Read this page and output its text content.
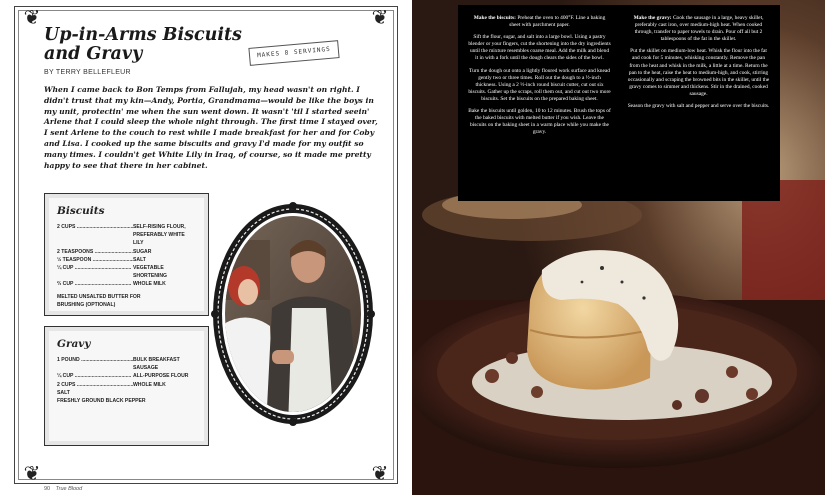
❦	❦
❦	❦
Up-in-Arms Biscuits
and Gravy	MAKES 8 SERVINGS
BY TERRY BELLEFLEUR

When I came back to Bon Temps from Fallujah, my head wasn't on right. I didn't trust that my kin—Andy, Portia, Grandmama—would be like the boys in my unit, protectin' me when the sun went down. It wasn't 'til I started seein' Arlene that I could sleep the whole night through. The first time I stayed over, I sent Arlene to the couch to rest while I made breakfast for her and for Coby and Lisa. I cooked up the same biscuits and gravy I'd made for my outfit so many times. I couldn't get White Lily in Iraq, of course, so it made me pretty happy to see that there in her cabinet.

Biscuits
2 CUPS .....	SELF-RISING FLOUR, PREFERABLY WHITE LILY
2 TEASPOONS .....	SUGAR
½ TEASPOON .....	SALT
¼ CUP .....	VEGETABLE SHORTENING
⅔ CUP .....	WHOLE MILK
MELTED UNSALTED BUTTER FOR BRUSHING (OPTIONAL)
Gravy
1 POUND .....	BULK BREAKFAST SAUSAGE
¼ CUP .....	ALL-PURPOSE FLOUR
2 CUPS .....	WHOLE MILK
SALT
FRESHLY GROUND BLACK PEPPER
90 True Blood

Make the biscuits: Preheat the oven to 400°F. Line a baking sheet with parchment paper.

Sift the flour, sugar, and salt into a large bowl. Using a pastry blender or your fingers, cut the shortening into the dry ingredients until the mixture resembles coarse meal. Add the milk and blend it in with a fork until the dough clears the sides of the bowl.

Turn the dough out onto a lightly floured work surface and knead gently two or three times. Roll out the dough to a ½-inch thickness. Using a 2 ½-inch round biscuit cutter, cut out six biscuits. Gather up the scraps, roll them out, and cut out two more biscuits. Set the biscuits on the prepared baking sheet.

Bake the biscuits until golden, 10 to 12 minutes. Brush the tops of the baked biscuits with melted butter if you wish. Leave the biscuits on the baking sheet in a warm place while you make the gravy.

Make the gravy: Cook the sausage in a large, heavy skillet, preferably cast iron, over medium-high heat. When cooked through, transfer to paper towels to drain. Pour off all but 2 tablespoons of the fat in the skillet.

Put the skillet on medium-low heat. Whisk the flour into the fat and cook for 5 minutes, whisking constantly. Remove the pan from the heat and whisk in the milk, a little at a time. Return the pan to the heat, raise the heat to medium-high, and cook, stirring occasionally and scraping the browned bits in the skillet, until the gravy comes to simmer and thickens. Stir in the drained, cooked sausage.

Season the gravy with salt and pepper and serve over the biscuits.
